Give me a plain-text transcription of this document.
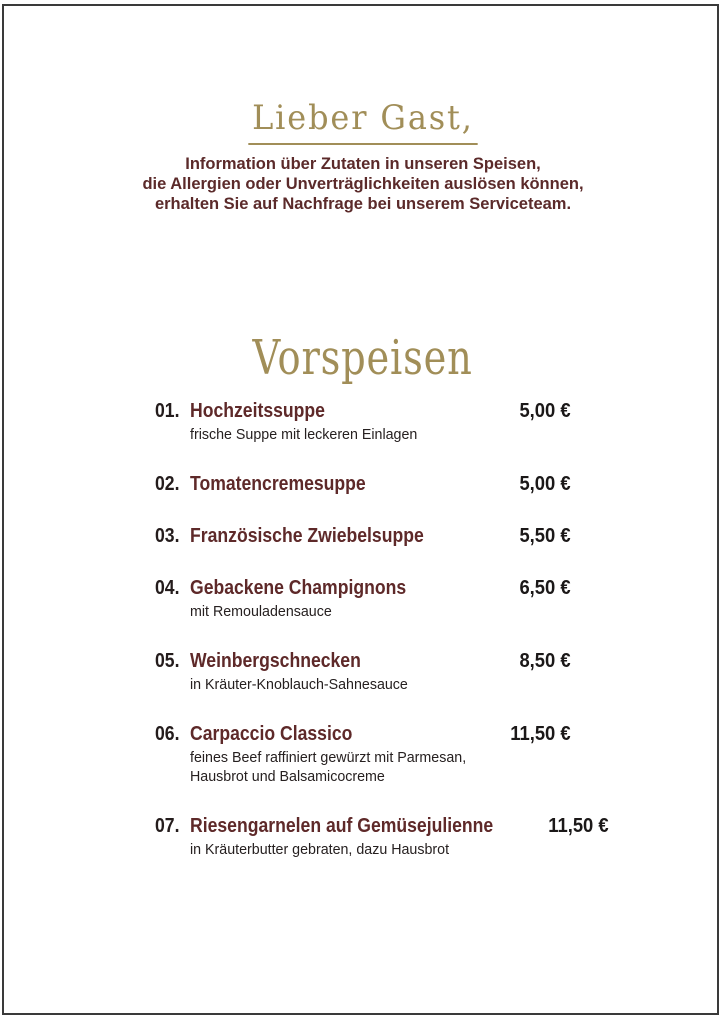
Lieber Gast,
Information über Zutaten in unseren Speisen,
die Allergien oder Unverträglichkeiten auslösen können,
erhalten Sie auf Nachfrage bei unserem Serviceteam.
Vorspeisen
01. Hochzeitssuppe	5,00 €
frische Suppe mit leckeren Einlagen
02. Tomatencremesuppe	5,00 €
03. Französische Zwiebelsuppe	5,50 €
04. Gebackene Champignons	6,50 €
mit Remouladensauce
05. Weinbergschnecken	8,50 €
in Kräuter-Knoblauch-Sahnesauce
06. Carpaccio Classico	11,50 €
feines Beef raffiniert gewürzt mit Parmesan,
Hausbrot und Balsamicocreme
07. Riesengarnelen auf Gemüsejulienne	11,50 €
in Kräuterbutter gebraten, dazu Hausbrot
